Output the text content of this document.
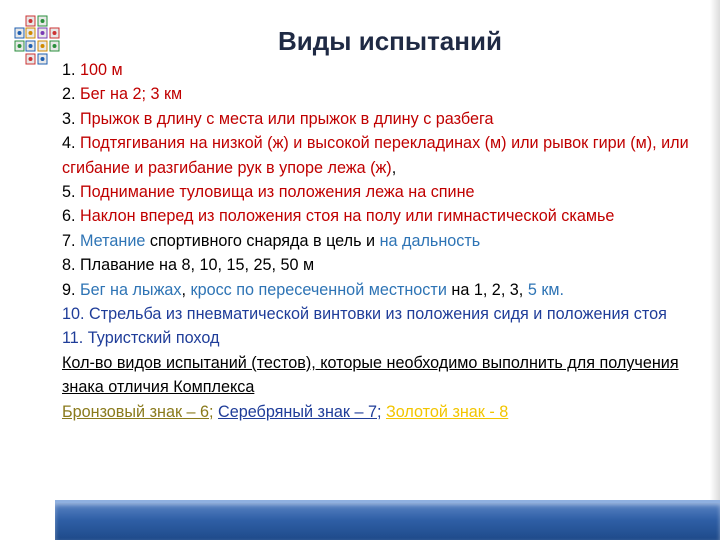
Виды испытаний

1. 100 м

2. Бег на 2; 3 км

3. Прыжок в длину с места или прыжок в длину с разбега

4. Подтягивания на низкой (ж) и высокой перекладинах (м) или рывок гири (м), или сгибание и разгибание рук в упоре лежа (ж),

5. Поднимание туловища из положения лежа на спине

6. Наклон вперед из положения стоя на полу или гимнастической скамье

7. Метание спортивного снаряда в цель и на дальность

8. Плавание на 8, 10, 15, 25, 50 м

9. Бег на лыжах, кросс по пересеченной местности на 1, 2, 3, 5 км.

10. Стрельба из пневматической винтовки из положения сидя и положения стоя

11. Туристский поход

Кол-во видов испытаний (тестов), которые необходимо выполнить для получения знака отличия Комплекса

Бронзовый знак – 6; Серебряный знак – 7; Золотой знак - 8
